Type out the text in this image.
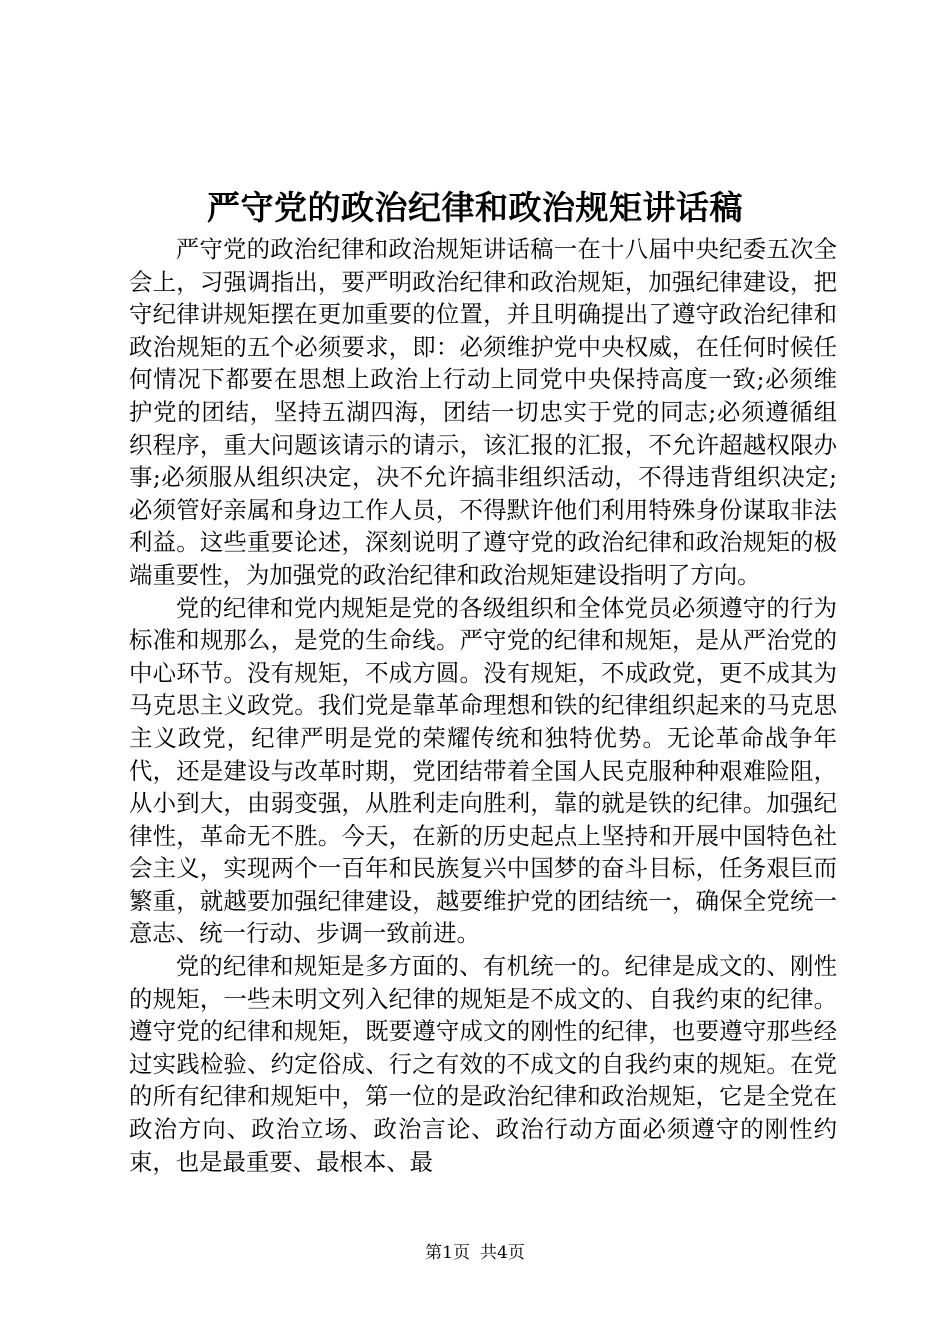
严守党的政治纪律和政治规矩讲话稿

严守党的政治纪律和政治规矩讲话稿一在十八届中央纪委五次全会上，习强调指出，要严明政治纪律和政治规矩，加强纪律建设，把守纪律讲规矩摆在更加重要的位置，并且明确提出了遵守政治纪律和政治规矩的五个必须要求，即：必须维护党中央权威，在任何时候任何情况下都要在思想上政治上行动上同党中央保持高度一致;必须维护党的团结，坚持五湖四海，团结一切忠实于党的同志;必须遵循组织程序，重大问题该请示的请示，该汇报的汇报，不允许超越权限办事;必须服从组织决定，决不允许搞非组织活动，不得违背组织决定;必须管好亲属和身边工作人员，不得默许他们利用特殊身份谋取非法利益。这些重要论述，深刻说明了遵守党的政治纪律和政治规矩的极端重要性，为加强党的政治纪律和政治规矩建设指明了方向。

党的纪律和党内规矩是党的各级组织和全体党员必须遵守的行为标准和规那么，是党的生命线。严守党的纪律和规矩，是从严治党的中心环节。没有规矩，不成方圆。没有规矩，不成政党，更不成其为马克思主义政党。我们党是靠革命理想和铁的纪律组织起来的马克思主义政党，纪律严明是党的荣耀传统和独特优势。无论革命战争年代，还是建设与改革时期，党团结带着全国人民克服种种艰难险阻，从小到大，由弱变强，从胜利走向胜利，靠的就是铁的纪律。加强纪律性，革命无不胜。今天，在新的历史起点上坚持和开展中国特色社会主义，实现两个一百年和民族复兴中国梦的奋斗目标，任务艰巨而繁重，就越要加强纪律建设，越要维护党的团结统一，确保全党统一意志、统一行动、步调一致前进。

党的纪律和规矩是多方面的、有机统一的。纪律是成文的、刚性的规矩，一些未明文列入纪律的规矩是不成文的、自我约束的纪律。遵守党的纪律和规矩，既要遵守成文的刚性的纪律，也要遵守那些经过实践检验、约定俗成、行之有效的不成文的自我约束的规矩。在党的所有纪律和规矩中，第一位的是政治纪律和政治规矩，它是全党在政治方向、政治立场、政治言论、政治行动方面必须遵守的刚性约束，也是最重要、最根本、最

第1页 共4页
